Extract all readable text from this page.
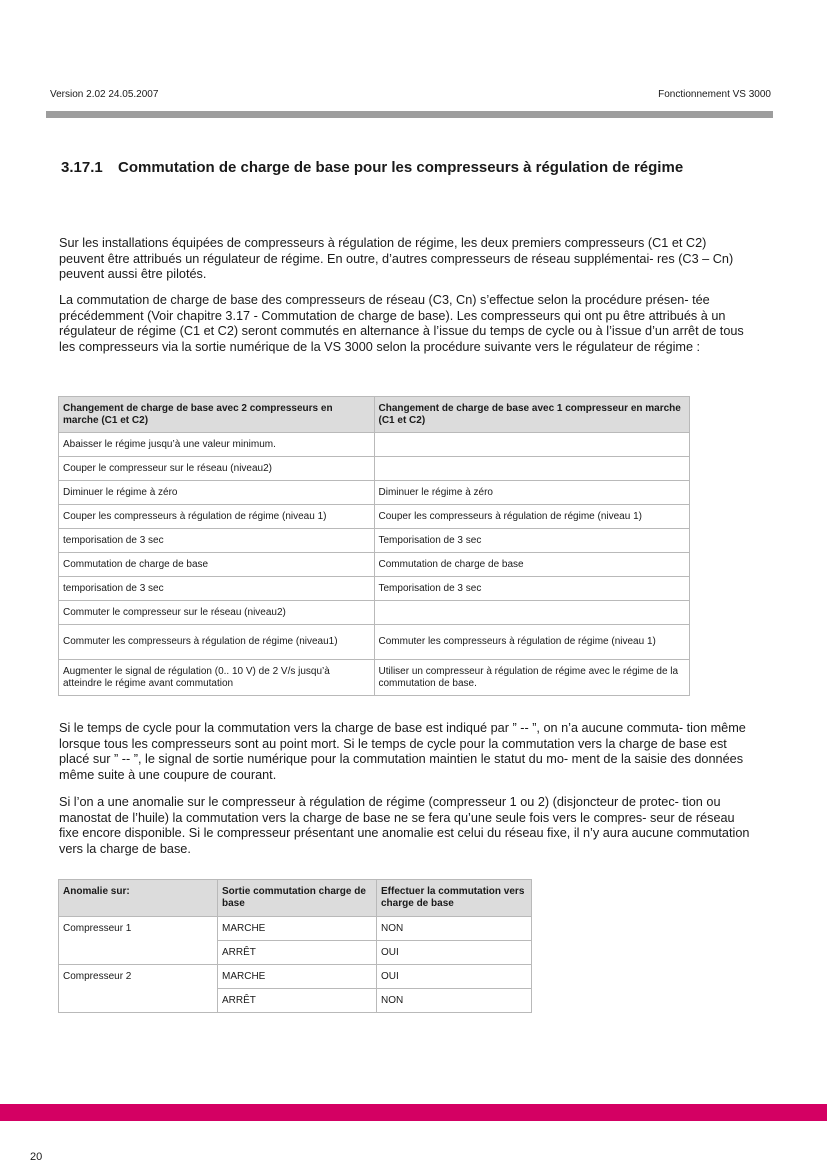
Version 2.02 24.05.2007	Fonctionnement VS 3000
3.17.1 Commutation de charge de base pour les compresseurs à régulation de régime

Sur les installations équipées de compresseurs à régulation de régime, les deux premiers compresseurs (C1 et C2) peuvent être attribués un régulateur de régime. En outre, d’autres compresseurs de réseau supplémentai- res (C3 – Cn) peuvent aussi être pilotés.

La commutation de charge de base des compresseurs de réseau (C3, Cn) s’effectue selon la procédure présen- tée précédemment (Voir chapitre 3.17 - Commutation de charge de base). Les compresseurs qui ont pu être attribués à un régulateur de régime (C1 et C2) seront commutés en alternance à l’issue du temps de cycle ou à l’issue d’un arrêt de tous les compresseurs via la sortie numérique de la VS 3000 selon la procédure suivante vers le régulateur de régime :

Changement de charge de base avec 2 compresseurs en marche (C1 et C2)	Changement de charge de base avec 1 compresseur en marche (C1 et C2)
Abaisser le régime jusqu’à une valeur minimum.	
Couper le compresseur sur le réseau (niveau2)	
Diminuer le régime à zéro	Diminuer le régime à zéro
Couper les compresseurs à régulation de régime (niveau 1)	Couper les compresseurs à régulation de régime (niveau 1)
temporisation de 3 sec	Temporisation de 3 sec
Commutation de charge de base	Commutation de charge de base
temporisation de 3 sec	Temporisation de 3 sec
Commuter le compresseur sur le réseau (niveau2)	
Commuter les compresseurs à régulation de régime (niveau1)	Commuter les compresseurs à régulation de régime (niveau 1)
Augmenter le signal de régulation (0.. 10 V) de 2 V/s jusqu’à atteindre le régime avant commutation	Utiliser un compresseur à régulation de régime avec le régime de la commutation de base.

Si le temps de cycle pour la commutation vers la charge de base est indiqué par ” -- ”, on n’a aucune commuta- tion même lorsque tous les compresseurs sont au point mort. Si le temps de cycle pour la commutation vers la charge de base est placé sur ” -- ”, le signal de sortie numérique pour la commutation maintien le statut du mo- ment de la saisie des données même suite à une coupure de courant.

Si l’on a une anomalie sur le compresseur à régulation de régime (compresseur 1 ou 2) (disjoncteur de protec- tion ou manostat de l’huile) la commutation vers la charge de base ne se fera qu’une seule fois vers le compres- seur de réseau fixe encore disponible. Si le compresseur présentant une anomalie est celui du réseau fixe, il n’y aura aucune commutation vers la charge de base.

Anomalie sur:	Sortie commutation charge de base	Effectuer la commutation vers charge de base
Compresseur 1	MARCHE	NON
	ARRÊT	OUI
Compresseur 2	MARCHE	OUI
	ARRÊT	NON
20
